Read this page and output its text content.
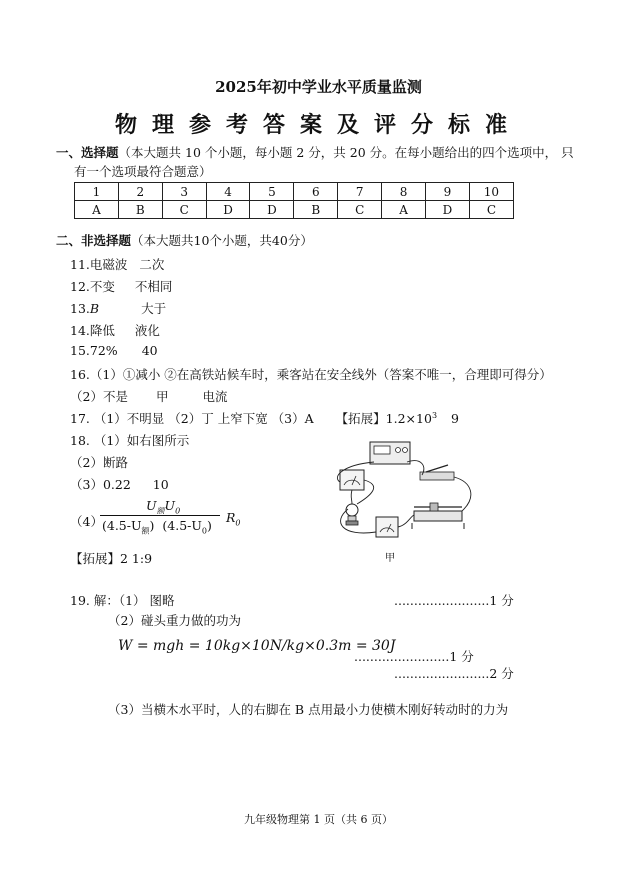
2025年初中学业水平质量监测
物理参考答案及评分标准
一、选择题（本大题共 10 个小题，每小题 2 分，共 20 分。在每小题给出的四个选项中， 只
有一个选项最符合题意）
1	2	3	4	5	6	7	8	9	10
A	B	C	D	D	B	C	A	D	C
二、非选择题（本大题共10个小题，共40分）
11.电磁波 二次
12.不变 不相同
13.B	大于
14.降低 液化
15.72% 40
16.（1）①减小 ②在高铁站候车时，乘客站在安全线外（答案不唯一，合理即可得分）
（2）不是 甲	电流
17. （1）不明显 （2）丁 上窄下宽 （3）A 【拓展】$1.2\times 10^3$ 9
18. （1）如右图所示
（2）断路
（3）0.22 10
（4）
$U_额U_0$
$(4.5-U_额)$ $(4.5-U_0)$
$R_0$
【拓展】2 1:9	甲
19. 解：（1） 图略	........................1 分
（2）碰头重力做的功为
W = mgh = 10kg×10N/kg×0.3m = 30J
........................1 分
........................2 分
（3）当横木水平时，人的右脚在 B 点用最小力使横木刚好转动时的力为
九年级物理第 1 页（共 6 页）
